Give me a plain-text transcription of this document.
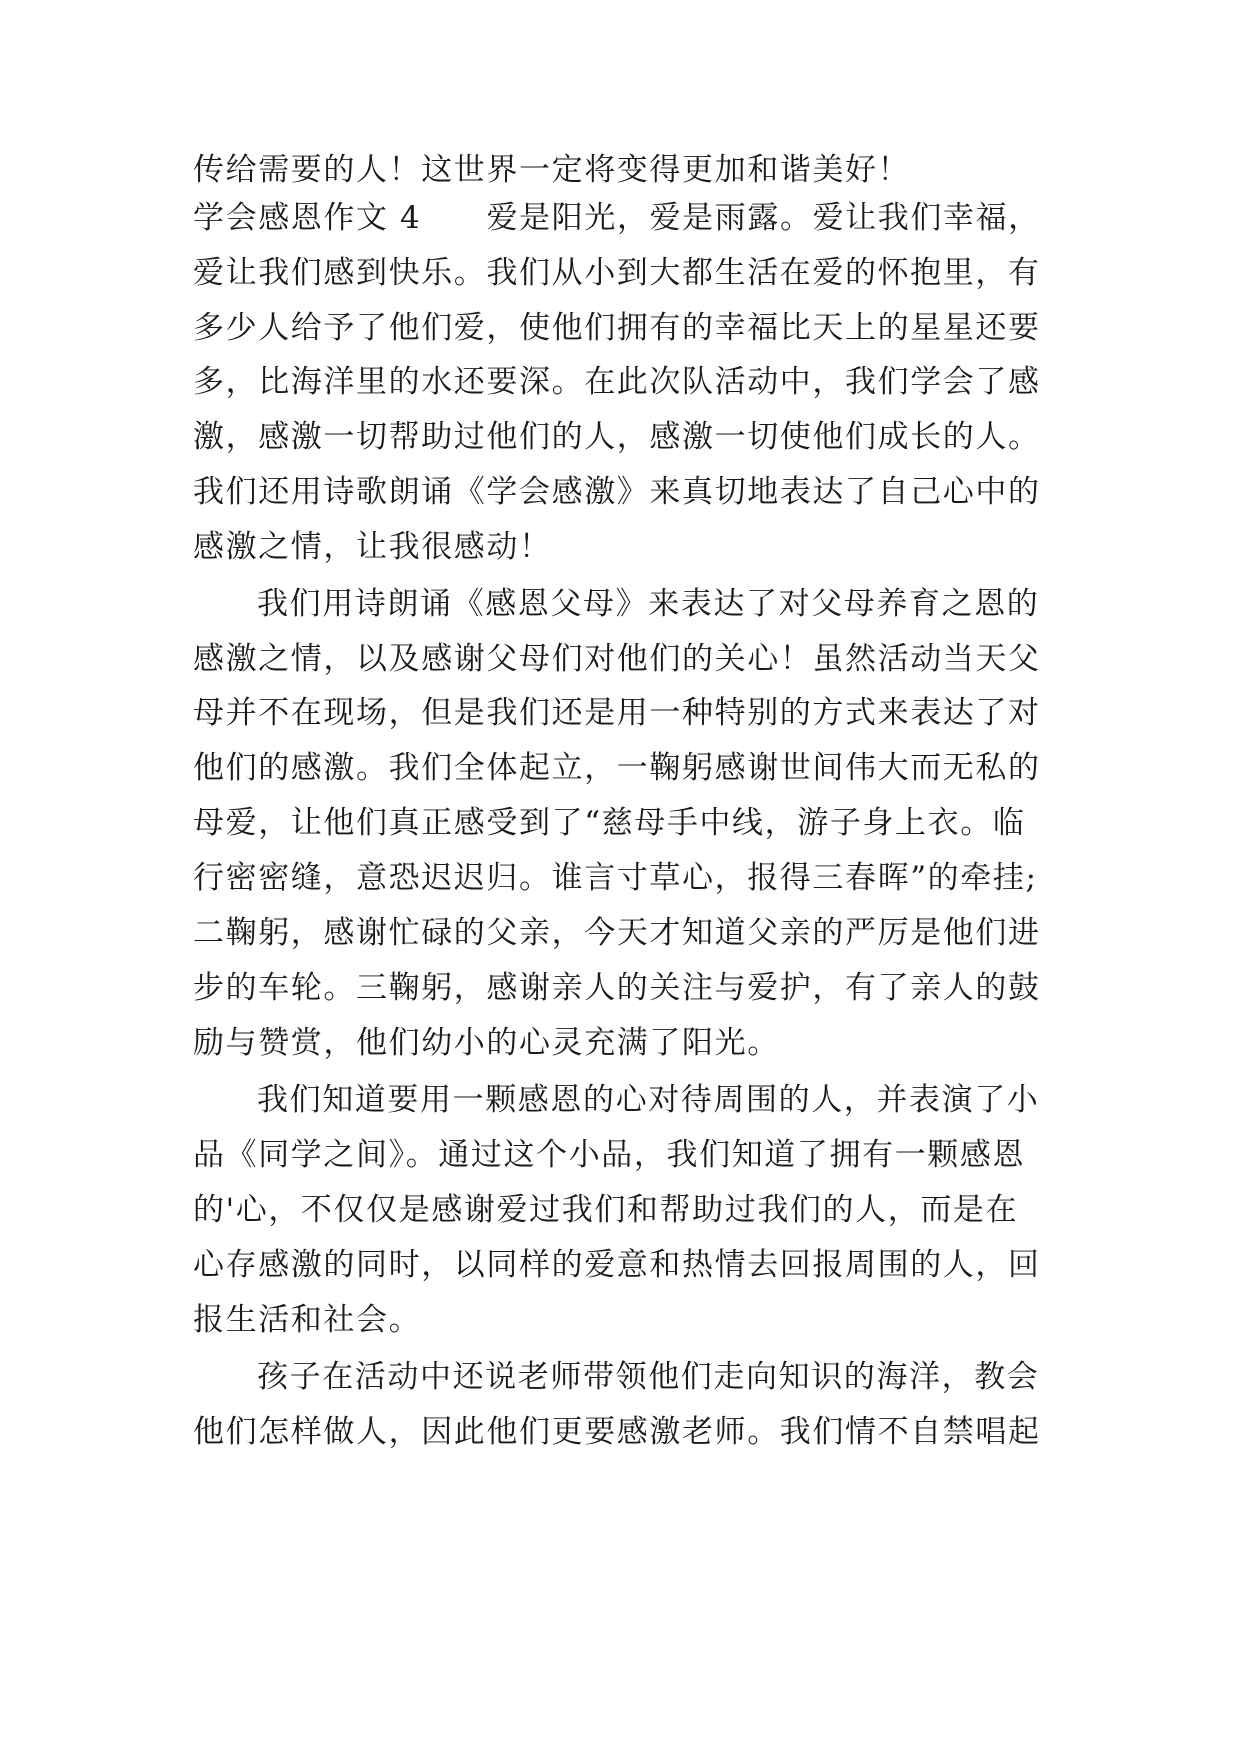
传给需要的人！这世界一定将变得更加和谐美好！
学会感恩作文 4　　爱是阳光，爱是雨露。爱让我们幸福，
爱让我们感到快乐。我们从小到大都生活在爱的怀抱里，有
多少人给予了他们爱，使他们拥有的幸福比天上的星星还要
多，比海洋里的水还要深。在此次队活动中，我们学会了感
激，感激一切帮助过他们的人，感激一切使他们成长的人。
我们还用诗歌朗诵《学会感激》来真切地表达了自己心中的
感激之情，让我很感动！
我们用诗朗诵《感恩父母》来表达了对父母养育之恩的
感激之情，以及感谢父母们对他们的关心！虽然活动当天父
母并不在现场，但是我们还是用一种特别的方式来表达了对
他们的感激。我们全体起立，一鞠躬感谢世间伟大而无私的
母爱，让他们真正感受到了“慈母手中线，游子身上衣。临
行密密缝，意恐迟迟归。谁言寸草心，报得三春晖”的牵挂;
二鞠躬，感谢忙碌的父亲，今天才知道父亲的严厉是他们进
步的车轮。三鞠躬，感谢亲人的关注与爱护，有了亲人的鼓
励与赞赏，他们幼小的心灵充满了阳光。
我们知道要用一颗感恩的心对待周围的人，并表演了小
品《同学之间》。通过这个小品，我们知道了拥有一颗感恩
的'心，不仅仅是感谢爱过我们和帮助过我们的人，而是在
心存感激的同时，以同样的爱意和热情去回报周围的人，回
报生活和社会。
孩子在活动中还说老师带领他们走向知识的海洋，教会
他们怎样做人，因此他们更要感激老师。我们情不自禁唱起
